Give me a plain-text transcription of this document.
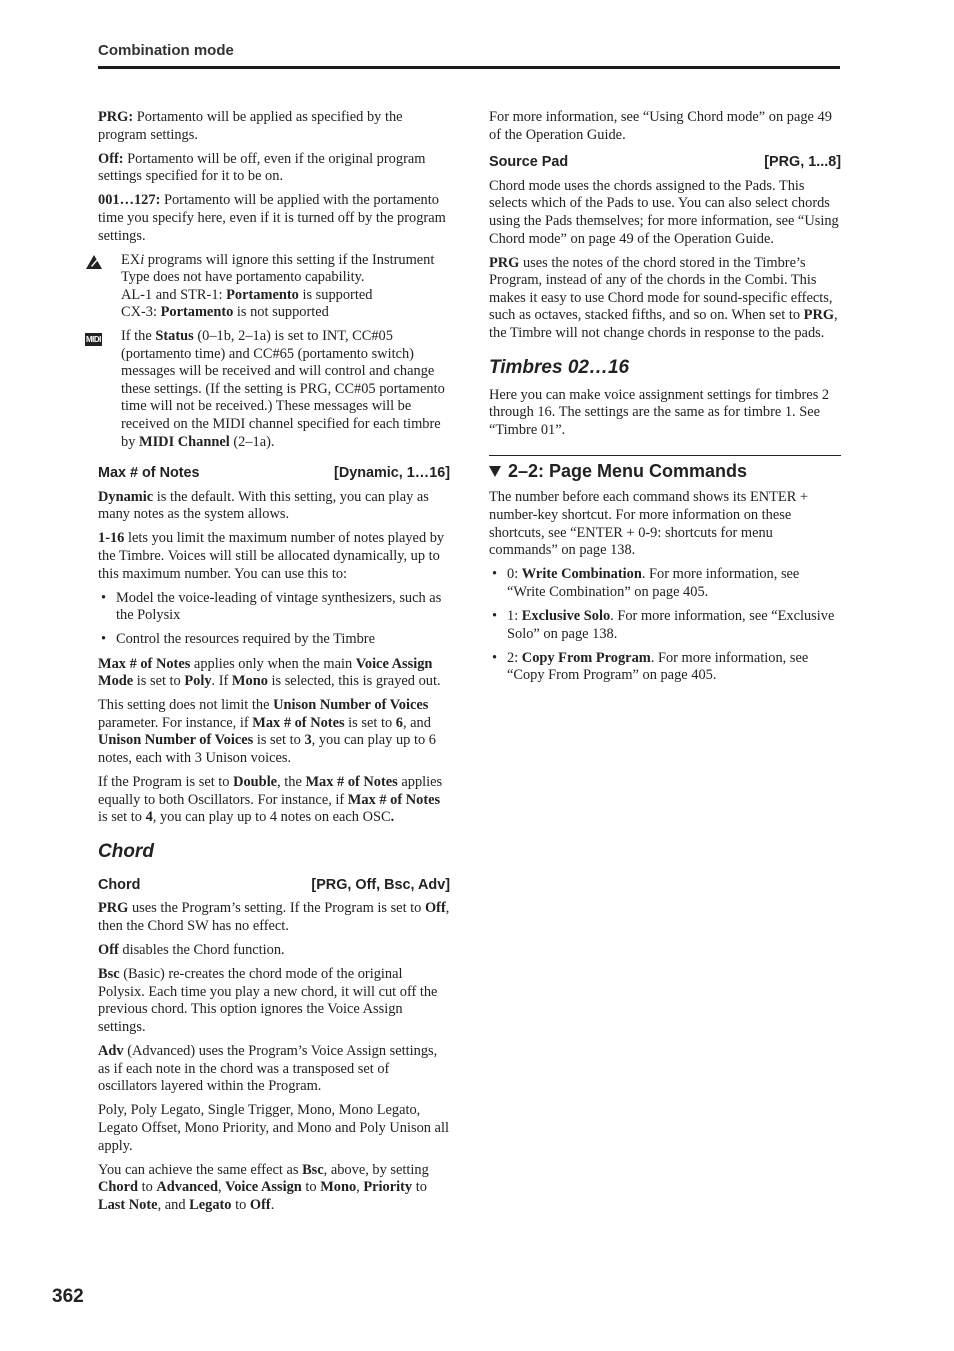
Combination mode

PRG: Portamento will be applied as specified by the program settings.

Off: Portamento will be off, even if the original program settings specified for it to be on.

001…127: Portamento will be applied with the portamento time you specify here, even if it is turned off by the program settings.

EXi programs will ignore this setting if the Instrument Type does not have portamento capability.
AL-1 and STR-1: Portamento is supported
CX-3: Portamento is not supported
MIDI If the Status (0–1b, 2–1a) is set to INT, CC#05 (portamento time) and CC#65 (portamento switch) messages will be received and will control and change these settings. (If the setting is PRG, CC#05 portamento time will not be received.) These messages will be received on the MIDI channel specified for each timbre by MIDI Channel (2–1a).
Max # of Notes	[Dynamic, 1…16]

Dynamic is the default. With this setting, you can play as many notes as the system allows.

1-16 lets you limit the maximum number of notes played by the Timbre. Voices will still be allocated dynamically, up to this maximum number. You can use this to:

• Model the voice-leading of vintage synthesizers, such as the Polysix
• Control the resources required by the Timbre

Max # of Notes applies only when the main Voice Assign Mode is set to Poly. If Mono is selected, this is grayed out.

This setting does not limit the Unison Number of Voices parameter. For instance, if Max # of Notes is set to 6, and Unison Number of Voices is set to 3, you can play up to 6 notes, each with 3 Unison voices.

If the Program is set to Double, the Max # of Notes applies equally to both Oscillators. For instance, if Max # of Notes is set to 4, you can play up to 4 notes on each OSC.

Chord
Chord	[PRG, Off, Bsc, Adv]

PRG uses the Program’s setting. If the Program is set to Off, then the Chord SW has no effect.

Off disables the Chord function.

Bsc (Basic) re-creates the chord mode of the original Polysix. Each time you play a new chord, it will cut off the previous chord. This option ignores the Voice Assign settings.

Adv (Advanced) uses the Program’s Voice Assign settings, as if each note in the chord was a transposed set of oscillators layered within the Program.

Poly, Poly Legato, Single Trigger, Mono, Mono Legato, Legato Offset, Mono Priority, and Mono and Poly Unison all apply.

You can achieve the same effect as Bsc, above, by setting Chord to Advanced, Voice Assign to Mono, Priority to Last Note, and Legato to Off.

For more information, see “Using Chord mode” on page 49 of the Operation Guide.

Source Pad	[PRG, 1...8]

Chord mode uses the chords assigned to the Pads. This selects which of the Pads to use. You can also select chords using the Pads themselves; for more information, see “Using Chord mode” on page 49 of the Operation Guide.

PRG uses the notes of the chord stored in the Timbre’s Program, instead of any of the chords in the Combi. This makes it easy to use Chord mode for sound-specific effects, such as octaves, stacked fifths, and so on. When set to PRG, the Timbre will not change chords in response to the pads.

Timbres 02…16

Here you can make voice assignment settings for timbres 2 through 16. The settings are the same as for timbre 1. See “Timbre 01”.

2–2: Page Menu Commands

The number before each command shows its ENTER + number-key shortcut. For more information on these shortcuts, see “ENTER + 0-9: shortcuts for menu commands” on page 138.

• 0: Write Combination. For more information, see “Write Combination” on page 405.
• 1: Exclusive Solo. For more information, see “Exclusive Solo” on page 138.
• 2: Copy From Program. For more information, see “Copy From Program” on page 405.
362
